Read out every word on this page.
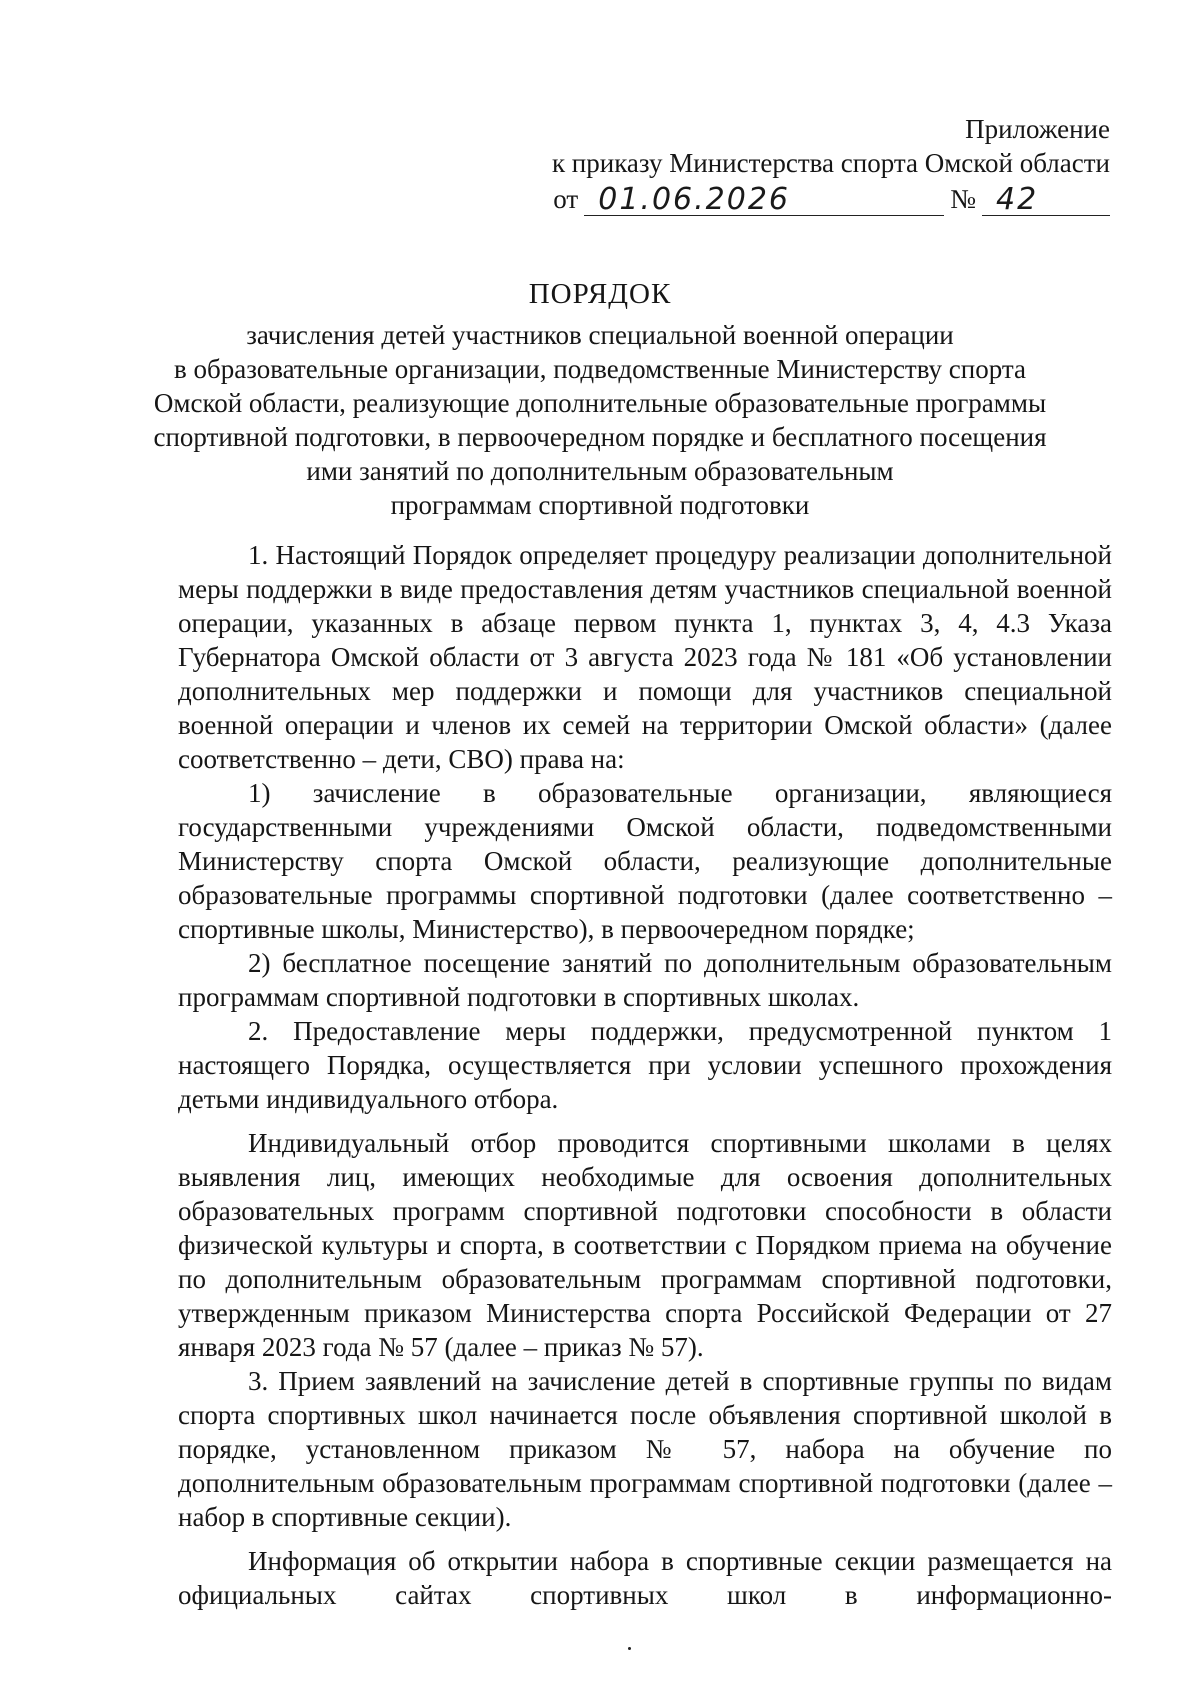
Приложение
к приказу Министерства спорта Омской области
от 01.06.2026	№ 42
ПОРЯДОК
зачисления детей участников специальной военной операции
в образовательные организации, подведомственные Министерству спорта
Омской области, реализующие дополнительные образовательные программы
спортивной подготовки, в первоочередном порядке и бесплатного посещения
ими занятий по дополнительным образовательным
программам спортивной подготовки

1. Настоящий Порядок определяет процедуру реализации дополнительной меры поддержки в виде предоставления детям участников специальной военной операции, указанных в абзаце первом пункта 1, пунктах 3, 4, 4.3 Указа Губернатора Омской области от 3 августа 2023 года № 181 «Об установлении дополнительных мер поддержки и помощи для участников специальной военной операции и членов их семей на территории Омской области» (далее соответственно – дети, СВО) права на:

1) зачисление в образовательные организации, являющиеся государственными учреждениями Омской области, подведомственными Министерству спорта Омской области, реализующие дополнительные образовательные программы спортивной подготовки (далее соответственно – спортивные школы, Министерство), в первоочередном порядке;

2) бесплатное посещение занятий по дополнительным образовательным программам спортивной подготовки в спортивных школах.

2. Предоставление меры поддержки, предусмотренной пунктом 1 настоящего Порядка, осуществляется при условии успешного прохождения детьми индивидуального отбора.

Индивидуальный отбор проводится спортивными школами в целях выявления лиц, имеющих необходимые для освоения дополнительных образовательных программ спортивной подготовки способности в области физической культуры и спорта, в соответствии с Порядком приема на обучение по дополнительным образовательным программам спортивной подготовки, утвержденным приказом Министерства спорта Российской Федерации от 27 января 2023 года № 57 (далее – приказ № 57).

3. Прием заявлений на зачисление детей в спортивные группы по видам спорта спортивных школ начинается после объявления спортивной школой в порядке, установленном приказом № 57, набора на обучение по дополнительным образовательным программам спортивной подготовки (далее – набор в спортивные секции).

Информация об открытии набора в спортивные секции размещается на официальных сайтах спортивных школ в информационно-
